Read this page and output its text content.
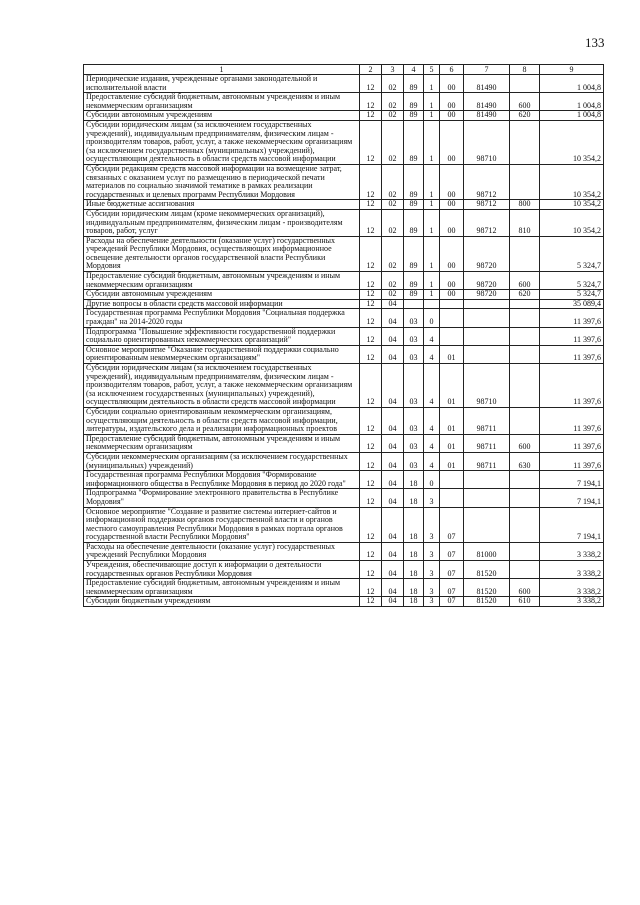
133
1	2	3	4	5	6	7	8	9
Периодические издания, учрежденные органами законодательной и исполнительной власти	12	02	89	1	00	81490		1 004,8
Предоставление субсидий бюджетным, автономным учреждениям и иным некоммерческим организациям	12	02	89	1	00	81490	600	1 004,8
Субсидии автономным учреждениям	12	02	89	1	00	81490	620	1 004,8
Субсидии юридическим лицам (за исключением государственных учреждений), индивидуальным предпринимателям, физическим лицам - производителям товаров, работ, услуг, а также некоммерческим организациям (за исключением государственных (муниципальных) учреждений), осуществляющим деятельность в области средств массовой информации	12	02	89	1	00	98710		10 354,2
Субсидии редакциям средств массовой информации на возмещение затрат, связанных с оказанием услуг по размещению в периодической печати материалов по социально значимой тематике в рамках реализации государственных и целевых программ Республики Мордовия	12	02	89	1	00	98712		10 354,2
Иные бюджетные ассигнования	12	02	89	1	00	98712	800	10 354,2
Субсидии юридическим лицам (кроме некоммерческих организаций), индивидуальным предпринимателям, физическим лицам - производителям товаров, работ, услуг	12	02	89	1	00	98712	810	10 354,2
Расходы на обеспечение деятельности (оказание услуг) государственных учреждений Республики Мордовия, осуществляющих информационное освещение деятельности органов государственной власти Республики Мордовия	12	02	89	1	00	98720		5 324,7
Предоставление субсидий бюджетным, автономным учреждениям и иным некоммерческим организациям	12	02	89	1	00	98720	600	5 324,7
Субсидии автономным учреждениям	12	02	89	1	00	98720	620	5 324,7
Другие вопросы в области средств массовой информации	12	04						35 089,4
Государственная программа Республики Мордовия "Социальная поддержка граждан" на 2014-2020 годы	12	04	03	0				11 397,6
Подпрограмма "Повышение эффективности государственной поддержки социально ориентированных некоммерческих организаций"	12	04	03	4				11 397,6
Основное мероприятие "Оказание государственной поддержки социально ориентированным некоммерческим организациям"	12	04	03	4	01			11 397,6
Субсидии юридическим лицам (за исключением государственных учреждений), индивидуальным предпринимателям, физическим лицам - производителям товаров, работ, услуг, а также некоммерческим организациям (за исключением государственных (муниципальных) учреждений), осуществляющим деятельность в области средств массовой информации	12	04	03	4	01	98710		11 397,6
Субсидии социально ориентированным некоммерческим организациям, осуществляющим деятельность в области средств массовой информации, литературы, издательского дела и реализации информационных проектов	12	04	03	4	01	98711		11 397,6
Предоставление субсидий бюджетным, автономным учреждениям и иным некоммерческим организациям	12	04	03	4	01	98711	600	11 397,6
Субсидии некоммерческим организациям (за исключением государственных (муниципальных) учреждений)	12	04	03	4	01	98711	630	11 397,6
Государственная программа Республики Мордовия "Формирование информационного общества в Республике Мордовия в период до 2020 года"	12	04	18	0				7 194,1
Подпрограмма "Формирование электронного правительства в Республике Мордовия"	12	04	18	3				7 194,1
Основное мероприятие "Создание и развитие системы интернет-сайтов и информационной поддержки органов государственной власти и органов местного самоуправления Республики Мордовия в рамках портала органов государственной власти Республики Мордовия"	12	04	18	3	07			7 194,1
Расходы на обеспечение деятельности (оказание услуг) государственных учреждений Республики Мордовия	12	04	18	3	07	81000		3 338,2
Учреждения, обеспечивающие доступ к информации о деятельности государственных органов Республики Мордовия	12	04	18	3	07	81520		3 338,2
Предоставление субсидий бюджетным, автономным учреждениям и иным некоммерческим организациям	12	04	18	3	07	81520	600	3 338,2
Субсидии бюджетным учреждениям	12	04	18	3	07	81520	610	3 338,2
